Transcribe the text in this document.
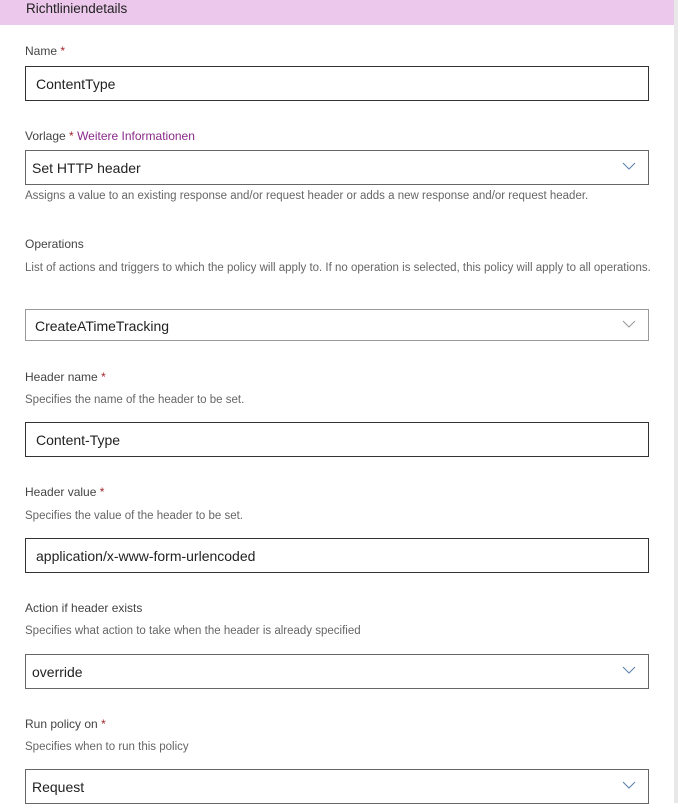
Richtliniendetails
Name *
ContentType
Vorlage * Weitere Informationen
Set HTTP header
Assigns a value to an existing response and/or request header or adds a new response and/or request header.
Operations
List of actions and triggers to which the policy will apply to. If no operation is selected, this policy will apply to all operations.
CreateATimeTracking
Header name *
Specifies the name of the header to be set.
Content-Type
Header value *
Specifies the value of the header to be set.
application/x-www-form-urlencoded
Action if header exists
Specifies what action to take when the header is already specified
override
Run policy on *
Specifies when to run this policy
Request
